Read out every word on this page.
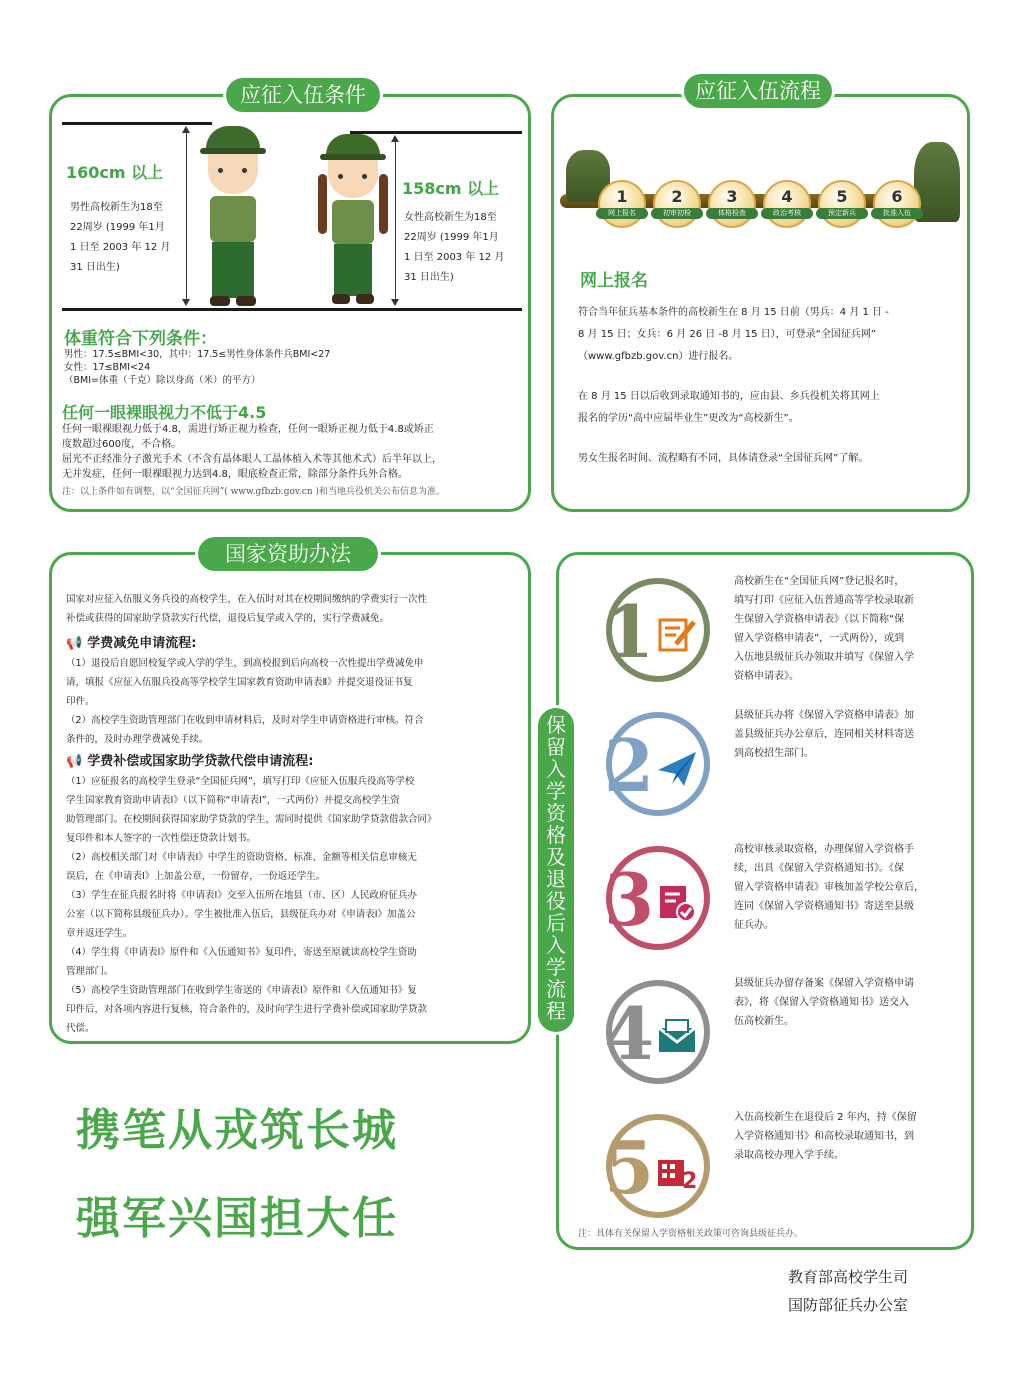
应征入伍条件
160cm 以上
男性高校新生为18至
22周岁 (1999 年1月
1 日至 2003 年 12 月
31 日出生)
158cm 以上
女性高校新生为18至
22周岁 (1999 年1月
1 日至 2003 年 12 月
31 日出生)
体重符合下列条件：
男性：17.5≤BMI<30，其中：17.5≤男性身体条件兵BMI<27
女性：17≤BMI<24
（BMI=体重（千克）除以身高（米）的平方）
任何一眼裸眼视力不低于4.5
任何一眼裸眼视力低于4.8，需进行矫正视力检查，任何一眼矫正视力低于4.8或矫正
度数超过600度，不合格。
屈光不正经准分子激光手术（不含有晶体眼人工晶体植入术等其他术式）后半年以上，
无并发症，任何一眼裸眼视力达到4.8，眼底检查正常，除部分条件兵外合格。
注：以上条件如有调整，以“全国征兵网”( www.gfbzb.gov.cn )和当地兵役机关公布信息为准。
应征入伍流程
1
网上报名
2
初审初检
3
体格检查
4
政治考核
5
预定新兵
6
批准入伍
网上报名
符合当年征兵基本条件的高校新生在 8 月 15 日前（男兵：4 月 1 日 -
8 月 15 日；女兵：6 月 26 日 -8 月 15 日），可登录“全国征兵网”
（www.gfbzb.gov.cn）进行报名。
在 8 月 15 日以后收到录取通知书的，应由县、乡兵役机关将其网上
报名的学历“高中应届毕业生”更改为“高校新生”。
男女生报名时间、流程略有不同，具体请登录“全国征兵网”了解。
国家资助办法
国家对应征入伍服义务兵役的高校学生，在入伍时对其在校期间缴纳的学费实行一次性
补偿或获得的国家助学贷款实行代偿，退役后复学或入学的，实行学费减免。
📢 学费减免申请流程:
（1）退役后自愿回校复学或入学的学生，到高校报到后向高校一次性提出学费减免申
请，填报《应征入伍服兵役高等学校学生国家教育资助申请表Ⅱ》并提交退役证书复
印件。
（2）高校学生资助管理部门在收到申请材料后，及时对学生申请资格进行审核。符合
条件的，及时办理学费减免手续。
📢 学费补偿或国家助学贷款代偿申请流程:
（1）应征报名的高校学生登录“全国征兵网”，填写打印《应征入伍服兵役高等学校
学生国家教育资助申请表Ⅰ》（以下简称“申请表Ⅰ”，一式两份）并提交高校学生资
助管理部门。在校期间获得国家助学贷款的学生，需同时提供《国家助学贷款借款合同》
复印件和本人签字的一次性偿还贷款计划书。
（2）高校相关部门对《申请表Ⅰ》中学生的资助资格、标准、金额等相关信息审核无
误后，在《申请表Ⅰ》上加盖公章，一份留存，一份返还学生。
（3）学生在征兵报名时将《申请表Ⅰ》交至入伍所在地县（市、区）人民政府征兵办
公室（以下简称县级征兵办）。学生被批准入伍后，县级征兵办对《申请表Ⅰ》加盖公
章并返还学生。
（4）学生将《申请表Ⅰ》原件和《入伍通知书》复印件，寄送至原就读高校学生资助
管理部门。
（5）高校学生资助管理部门在收到学生寄送的《申请表Ⅰ》原件和《入伍通知书》复
印件后，对各项内容进行复核，符合条件的，及时向学生进行学费补偿或国家助学贷款
代偿。
携笔从戎筑长城
强军兴国担大任
保留入学资格及退役后入学流程
1
高校新生在“全国征兵网”登记报名时，
填写打印《应征入伍普通高等学校录取新
生保留入学资格申请表》（以下简称“保
留入学资格申请表”，一式两份），或到
入伍地县级征兵办领取并填写《保留入学
资格申请表》。
2
县级征兵办将《保留入学资格申请表》加
盖县级征兵办公章后，连同相关材料寄送
到高校招生部门。
3
高校审核录取资格，办理保留入学资格手
续，出具《保留入学资格通知书》。《保
留入学资格申请表》审核加盖学校公章后，
连同《保留入学资格通知书》寄送至县级
征兵办。
4
县级征兵办留存备案《保留入学资格申请
表》，将《保留入学资格通知书》送交入
伍高校新生。
5 2
入伍高校新生在退役后 2 年内，持《保留
入学资格通知书》和高校录取通知书，到
录取高校办理入学手续。
注：具体有关保留入学资格相关政策可咨询县级征兵办。
教育部高校学生司
国防部征兵办公室
